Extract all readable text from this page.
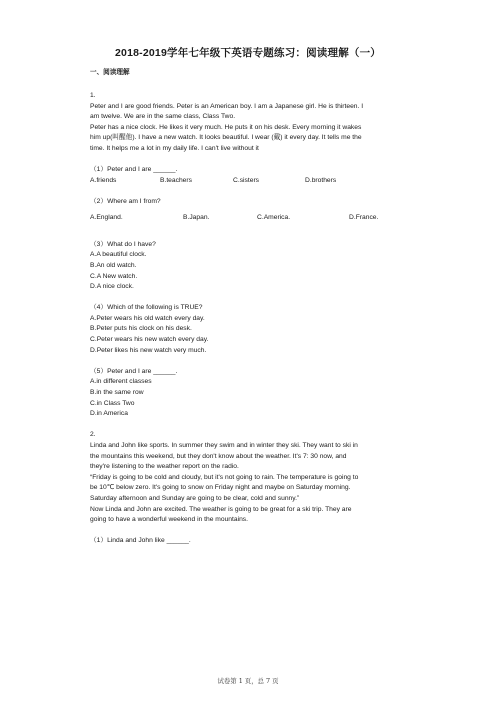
2018-2019学年七年级下英语专题练习：阅读理解（一）
一、阅读理解

1.

Peter and I are good friends. Peter is an American boy. I am a Japanese girl. He is thirteen. I

am twelve. We are in the same class, Class Two.

Peter has a nice clock. He likes it very much. He puts it on his desk. Every morning it wakes

him up(叫醒他). I have a new watch. It looks beautiful. I wear (戴) it every day. It tells me the

time. It helps me a lot in my daily life. I can't live without it

（1）Peter and I are ______.

A.friends	B.teachers	C.sisters	D.brothers

（2）Where am I from?

A.England.	B.Japan.	C.America.	D.France.

（3）What do I have?

A.A beautiful clock.

B.An old watch.

C.A New watch.

D.A nice clock.

（4）Which of the following is TRUE?

A.Peter wears his old watch every day.

B.Peter puts his clock on his desk.

C.Peter wears his new watch every day.

D.Peter likes his new watch very much.

（5）Peter and I are ______.

A.in different classes

B.in the same row

C.in Class Two

D.in America

2.

Linda and John like sports. In summer they swim and in winter they ski. They want to ski in

the mountains this weekend, but they don't know about the weather. It's 7: 30 now, and

they're listening to the weather report on the radio.

“Friday is going to be cold and cloudy, but it's not going to rain. The temperature is going to

be 10℃ below zero. It's going to snow on Friday night and maybe on Saturday morning.

Saturday afternoon and Sunday are going to be clear, cold and sunny.”

Now Linda and John are excited. The weather is going to be great for a ski trip. They are

going to have a wonderful weekend in the mountains.

（1）Linda and John like ______.

试卷第 1 页，总 7 页
